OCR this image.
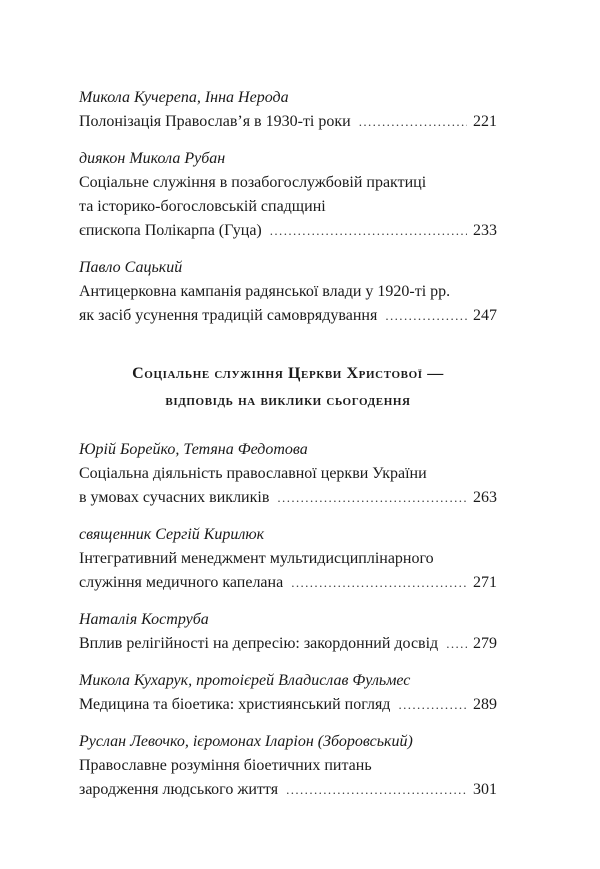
Микола Кучерепа, Інна Нерода
Полонізація Православ’я в 1930-ті роки .....	221
диякон Микола Рубан
Соціальне служіння в позабогослужбовій практиці
та історико-богословській спадщині
єпископа Полікарпа (Гуца) .....	233
Павло Сацький
Антицерковна кампанія радянської влади у 1920-ті рр.
як засіб усунення традицій самоврядування .....	247
Соціальне служіння Церкви Христової —
відповідь на виклики сьогодення
Юрій Борейко, Тетяна Федотова
Соціальна діяльність православної церкви України
в умовах сучасних викликів .....	263
священник Сергій Кирилюк
Інтегративний менеджмент мультидисциплінарного
служіння медичного капелана .....	271
Наталія Коструба
Вплив релігійності на депресію: закордонний досвід ..... 279
Микола Кухарук, протоієрей Владислав Фульмес
Медицина та біоетика: християнський погляд .....	289
Руслан Левочко, ієромонах Іларіон (Зборовський)
Православне розуміння біоетичних питань
зародження людського життя .....	301
